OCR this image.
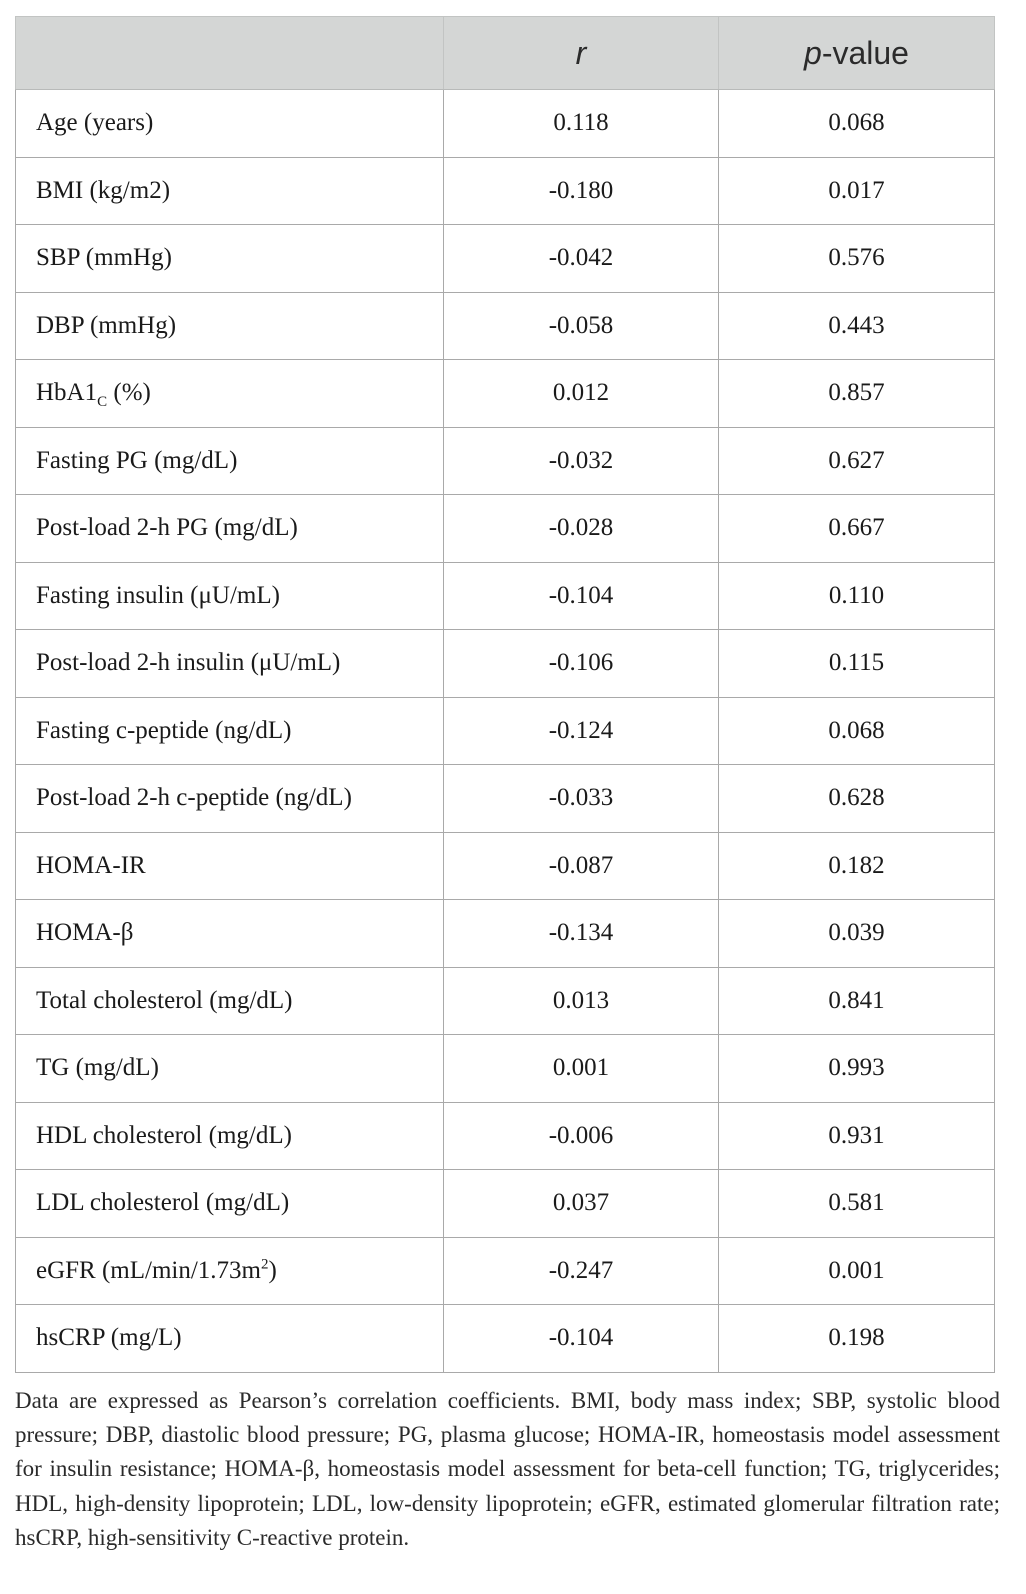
	r	p-value
Age (years)	0.118	0.068
BMI (kg/m2)	-0.180	0.017
SBP (mmHg)	-0.042	0.576
DBP (mmHg)	-0.058	0.443
$HbA1_C$ (%)	0.012	0.857
Fasting PG (mg/dL)	-0.032	0.627
Post-load 2-h PG (mg/dL)	-0.028	0.667
Fasting insulin (μU/mL)	-0.104	0.110
Post-load 2-h insulin (μU/mL)	-0.106	0.115
Fasting c-peptide (ng/dL)	-0.124	0.068
Post-load 2-h c-peptide (ng/dL)	-0.033	0.628
HOMA-IR	-0.087	0.182
HOMA-β	-0.134	0.039
Total cholesterol (mg/dL)	0.013	0.841
TG (mg/dL)	0.001	0.993
HDL cholesterol (mg/dL)	-0.006	0.931
LDL cholesterol (mg/dL)	0.037	0.581
eGFR $(mL/\min/1.73m^2)$	-0.247	0.001
hsCRP (mg/L)	-0.104	0.198

Data are expressed as Pearson’s correlation coefficients. BMI, body mass index; SBP, systolic blood pressure; DBP, diastolic blood pressure; PG, plasma glucose; HOMA-IR, homeostasis model assessment for insulin resistance; HOMA-β, homeostasis model assessment for beta-cell function; TG, triglycerides; HDL, high-density lipoprotein; LDL, low-density lipoprotein; eGFR, estimated glomerular filtration rate; hsCRP, high-sensitivity C-reactive protein.
